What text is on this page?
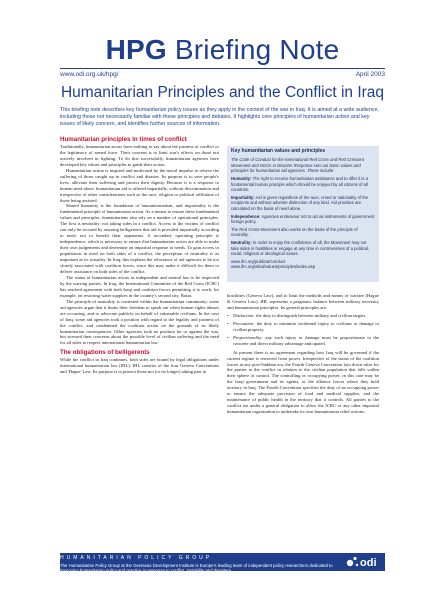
HPG Briefing Note
www.odi.org.uk/hpg/	April 2003
Humanitarian Principles and the Conflict in Iraq
This briefing note describes key humanitarian policy issues as they apply in the context of the war in Iraq. It is aimed at a wide audience, including those not necessarily familiar with these principles and debates. It highlights core principles of humanitarian action and key issues of likely concern, and identifies further sources of information.
Humanitarian principles in times of conflict

Traditionally, humanitarian actors have nothing to say about the justness of conflict or the legitimacy of armed force. Their concern is to limit war's effects on those not actively involved in fighting. To do this successfully, humanitarian agencies have developed key values and principles to guide their action.

Humanitarian action is inspired and motivated by the moral impulse to relieve the suffering of those caught up in conflict and disaster. Its purpose is to save people's lives, alleviate their suffering and protect their dignity. Because it is a response to human need alone, humanitarian aid is offered impartially, without discrimination and irrespective of other considerations such as the race, religion or political affiliation of those being assisted.

Shared humanity is the foundation of humanitarianism, and impartiality is the fundamental principle of humanitarian action. As a means to ensure these fundamental values and principles, humanitarians also rely on a number of operational principles. The first is neutrality: not taking sides in a conflict. Access to the victims of conflict can only be secured by assuring belligerents that aid is provided impartially according to need, not to benefit their opponents. A secondary operating principle is independence, which is necessary to ensure that humanitarian actors are able to make their own judgements and determine an impartial response to needs. To gain access to populations in need on both sides of a conflict, the perception of neutrality is as important as its actuality. In Iraq, this explains the reluctance of aid agencies to be too closely associated with coalition forces, since this may make it difficult for them to deliver assistance on both sides of the conflict.

The status of humanitarian actors as independent and neutral has to be respected by the warring parties. In Iraq, the International Committee of the Red Cross (ICRC) has reached agreement with both Iraqi and coalition forces permitting it to work, for example, on restoring water supplies in the country's second city, Basra.

The principle of neutrality is contested within the humanitarian community; some aid agencies argue that it limits their freedom to speak out when human rights abuses are occurring, and to advocate publicly on behalf of vulnerable civilians. In the case of Iraq, some aid agencies took a position with regard to the legality and justness of the conflict, and condemned the coalition action on the grounds of its likely humanitarian consequences. Other agencies took no position for or against the war, but stressed their concerns about the possible level of civilian suffering and the need for all sides to respect international humanitarian law.

The obligations of belligerents

While the conflict in Iraq continues, both sides are bound by legal obligations under international humanitarian law (IHL). IHL consists of the four Geneva Conventions and 'Hague' Law. Its purpose is to protect those not (or no longer) taking part in

Key humanitarian values and principles

The Code of Conduct for the International Red Cross and Red Crescent Movement and NGOs in Disaster Response sets out basic values and principles for humanitarian aid agencies. These include:

Humanity: The right to receive humanitarian assistance and to offer it is a fundamental human principle which should be enjoyed by all citizens of all countries.

Impartiality: Aid is given regardless of the race, creed or nationality of the recipients and without adverse distinction of any kind. Aid priorities are calculated on the basis of need alone.

Independence: Agencies endeavour not to act as instruments of government foreign policy.

The Red Cross Movement also works on the basis of the principle of neutrality.

Neutrality: In order to enjoy the confidence of all, the Movement may not take sides in hostilities or engage at any time in controversies of a political, racial, religious or ideological nature.

www.ifrc.org/publicat/conduct
www.ifrc.org/what/values/principles/index.asp

hostilities (Geneva Law), and to limit the methods and means of warfare (Hague & Geneva Law). IHL represents a pragmatic balance between military necessity and humanitarian principles. Its general principles are:

• Distinction: the duty to distinguish between military and civilian targets.
• Precaution: the duty to minimise incidental injury to civilians or damage to civilian property.
• Proportionality: any such injury or damage must be proportionate to the concrete and direct military advantage anticipated.

At present there is no agreement regarding how Iraq will be governed if the current regime is removed from power. Irrespective of the status of the coalition forces in any post-Saddam era, the Fourth Geneva Convention lays down rules for the parties to the conflict in relation to the civilian population that falls within their sphere of control. The controlling or occupying power, in this case may be the Iraqi government and its agents, or the alliance forces where they hold territory in Iraq. The Fourth Convention specifies the duty of an occupying power to ensure the adequate provision of food and medical supplies, and the maintenance of public health in the territory that it controls. All parties to the conflict are under a general obligation to allow the ICRC or any other impartial humanitarian organisation to undertake its own humanitarian relief actions.

HUMANITARIAN POLICY GROUP
The Humanitarian Policy Group at the Overseas Development Institute is Europe's leading team of independent policy researchers dedicated to improving humanitarian policy and practice in response to conflict, instability and disasters.
odi
